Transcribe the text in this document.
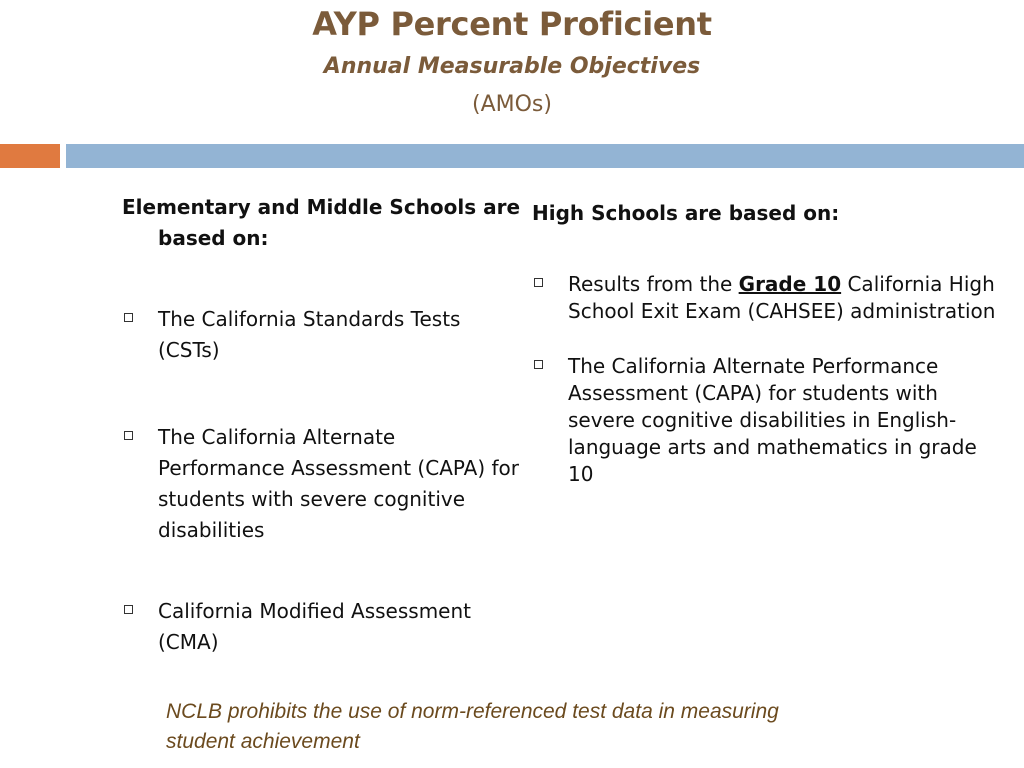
AYP Percent Proficient
Annual Measurable Objectives
(AMOs)
Elementary and Middle Schools are based on:
The California Standards Tests (CSTs)
The California Alternate Performance Assessment (CAPA) for students with severe cognitive disabilities
California Modified Assessment (CMA)
High Schools are based on:
Results from the Grade 10 California High School Exit Exam (CAHSEE) administration
The California Alternate Performance Assessment (CAPA) for students with severe cognitive disabilities in English-language arts and mathematics in grade 10
NCLB prohibits the use of norm-referenced test data in measuring student achievement
